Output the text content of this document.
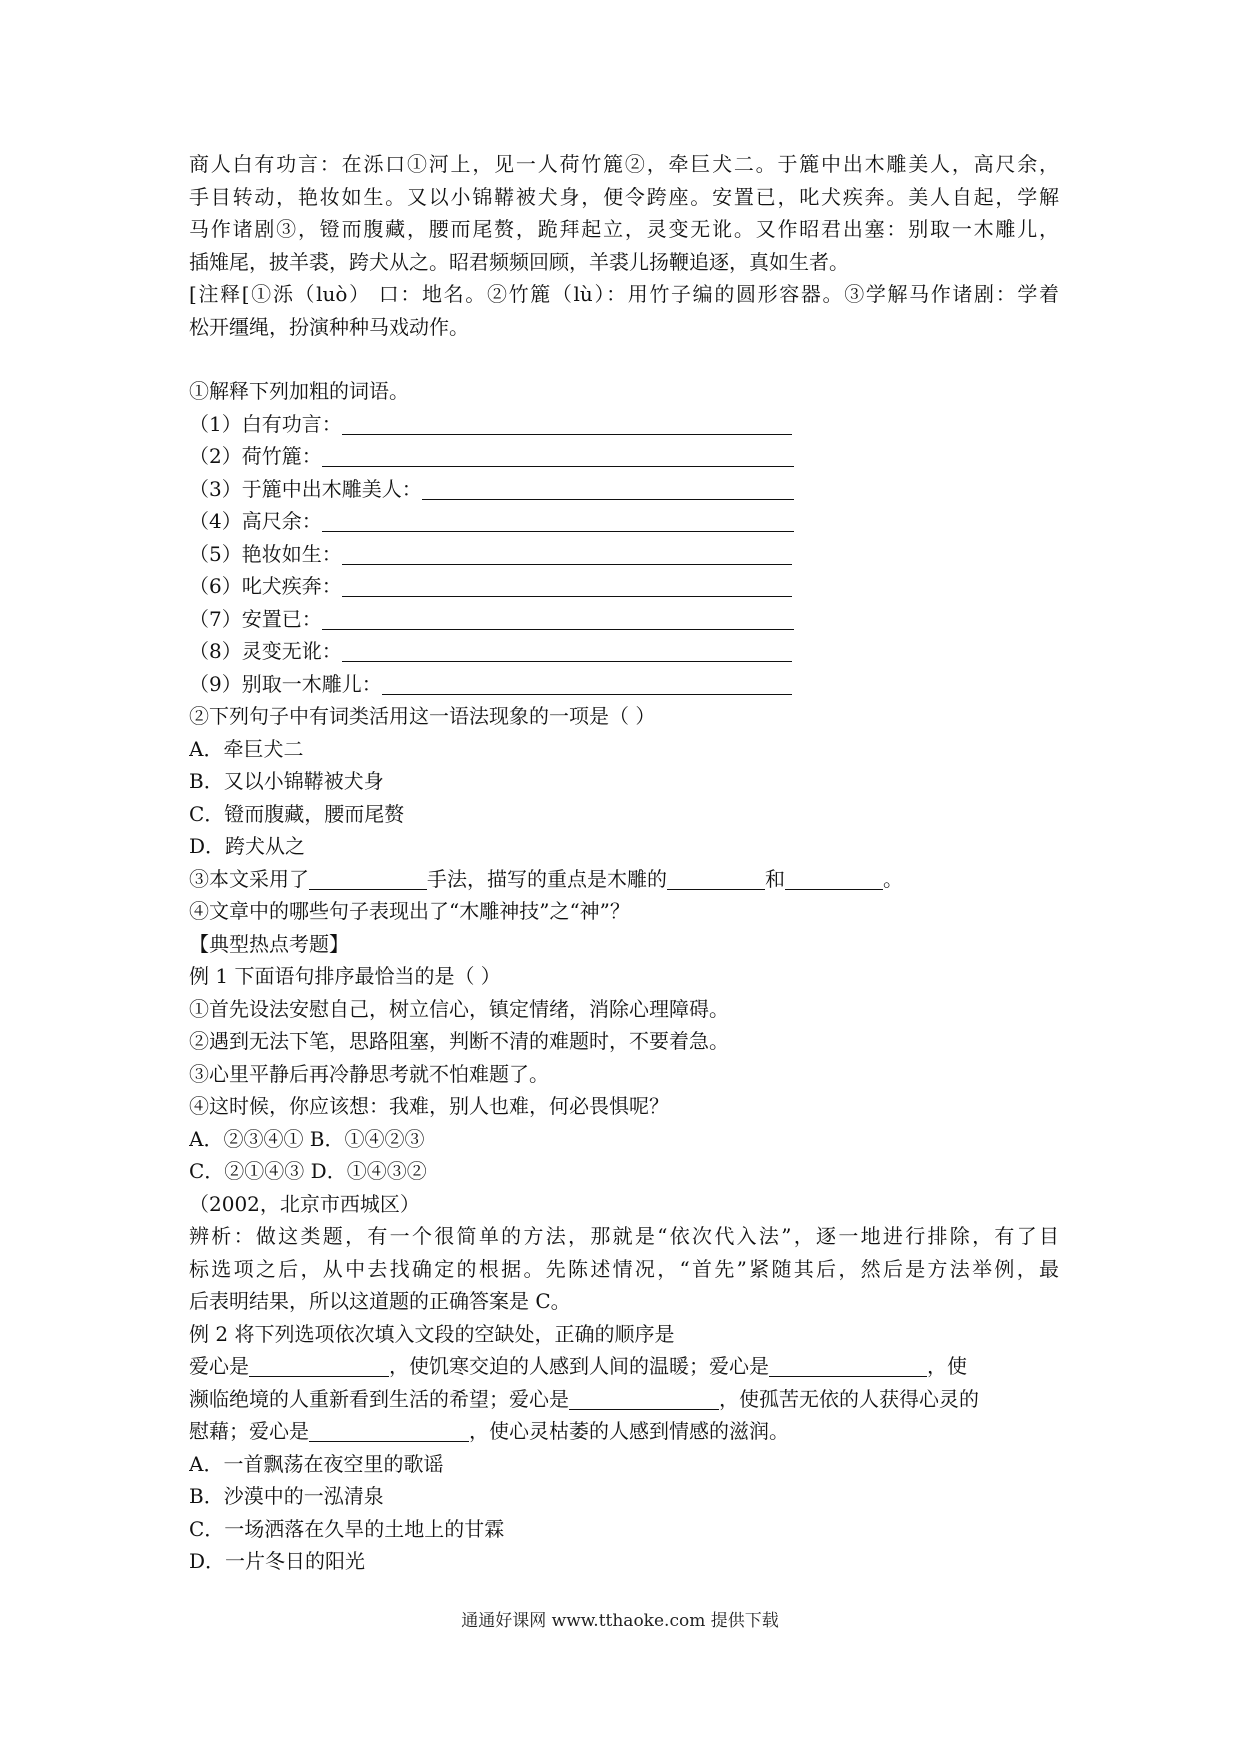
商人白有功言：在泺口①河上，见一人荷竹簏②，牵巨犬二。于簏中出木雕美人，高尺余，
手目转动，艳妆如生。又以小锦鞯被犬身，便令跨座。安置已，叱犬疾奔。美人自起，学解
马作诸剧③，镫而腹藏，腰而尾赘，跪拜起立，灵变无讹。又作昭君出塞：别取一木雕儿，
插雉尾，披羊裘，跨犬从之。昭君频频回顾，羊裘儿扬鞭追逐，真如生者。
[注释[①泺（luò） 口：地名。②竹簏（lù）：用竹子编的圆形容器。③学解马作诸剧：学着
松开缰绳，扮演种种马戏动作。
①解释下列加粗的词语。
（1）白有功言：
（2）荷竹簏：
（3）于簏中出木雕美人：
（4）高尺余：
（5）艳妆如生：
（6）叱犬疾奔：
（7）安置已：
（8）灵变无讹：
（9）别取一木雕儿：
②下列句子中有词类活用这一语法现象的一项是（ ）
A．牵巨犬二
B．又以小锦鞯被犬身
C．镫而腹藏，腰而尾赘
D．跨犬从之
③本文采用了	手法，描写的重点是木雕的	和	。
④文章中的哪些句子表现出了“木雕神技”之“神”？
【典型热点考题】
例 1 下面语句排序最恰当的是（ ）
①首先设法安慰自己，树立信心，镇定情绪，消除心理障碍。
②遇到无法下笔，思路阻塞，判断不清的难题时，不要着急。
③心里平静后再冷静思考就不怕难题了。
④这时候，你应该想：我难，别人也难，何必畏惧呢？
A．②③④① B．①④②③
C．②①④③ D．①④③②
（2002，北京市西城区）
辨析：做这类题，有一个很简单的方法，那就是“依次代入法”，逐一地进行排除，有了目
标选项之后，从中去找确定的根据。先陈述情况，“首先”紧随其后，然后是方法举例，最
后表明结果，所以这道题的正确答案是 C。
例 2 将下列选项依次填入文段的空缺处，正确的顺序是
爱心是	，使饥寒交迫的人感到人间的温暖；爱心是	，使
濒临绝境的人重新看到生活的希望；爱心是	，使孤苦无依的人获得心灵的
慰藉；爱心是	，使心灵枯萎的人感到情感的滋润。
A．一首飘荡在夜空里的歌谣
B．沙漠中的一泓清泉
C．一场洒落在久旱的土地上的甘霖
D．一片冬日的阳光
通通好课网 www.tthaoke.com 提供下载
